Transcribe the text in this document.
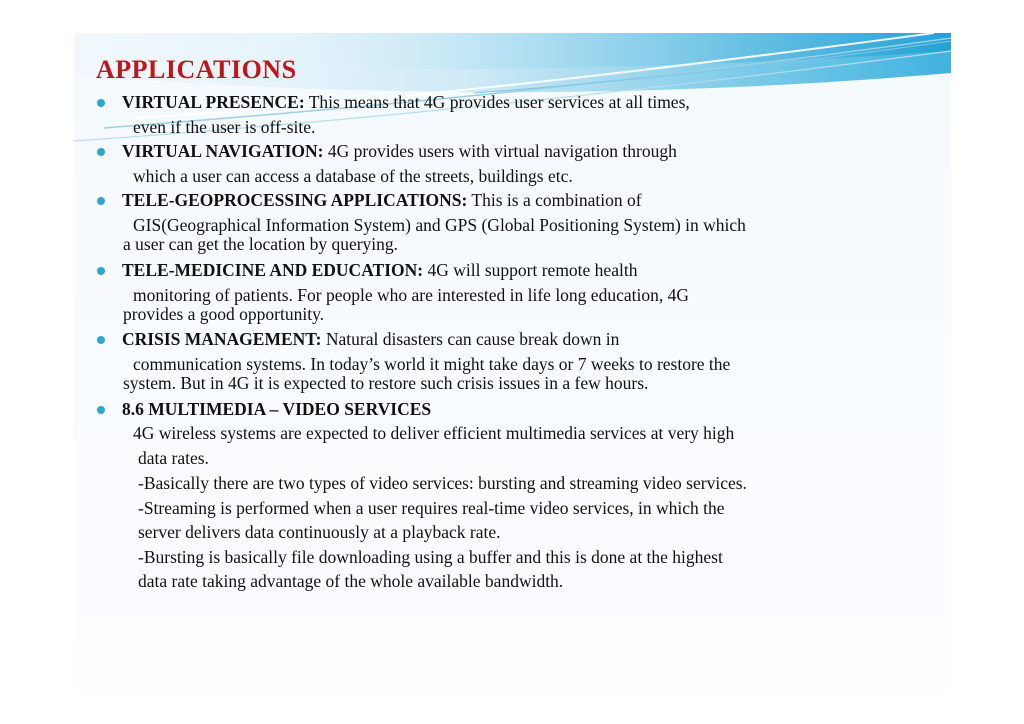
APPLICATIONS
VIRTUAL PRESENCE: This means that 4G provides user services at all times,
even if the user is off-site.
VIRTUAL NAVIGATION: 4G provides users with virtual navigation through
which a user can access a database of the streets, buildings etc.
TELE-GEOPROCESSING APPLICATIONS: This is a combination of
GIS(Geographical Information System) and GPS (Global Positioning System) in which
a user can get the location by querying.
TELE-MEDICINE AND EDUCATION: 4G will support remote health
monitoring of patients. For people who are interested in life long education, 4G
provides a good opportunity.
CRISIS MANAGEMENT: Natural disasters can cause break down in
communication systems. In today’s world it might take days or 7 weeks to restore the
system. But in 4G it is expected to restore such crisis issues in a few hours.
8.6 MULTIMEDIA – VIDEO SERVICES
4G wireless systems are expected to deliver efficient multimedia services at very high
data rates.
-Basically there are two types of video services: bursting and streaming video services.
-Streaming is performed when a user requires real-time video services, in which the
server delivers data continuously at a playback rate.
-Bursting is basically file downloading using a buffer and this is done at the highest
data rate taking advantage of the whole available bandwidth.
